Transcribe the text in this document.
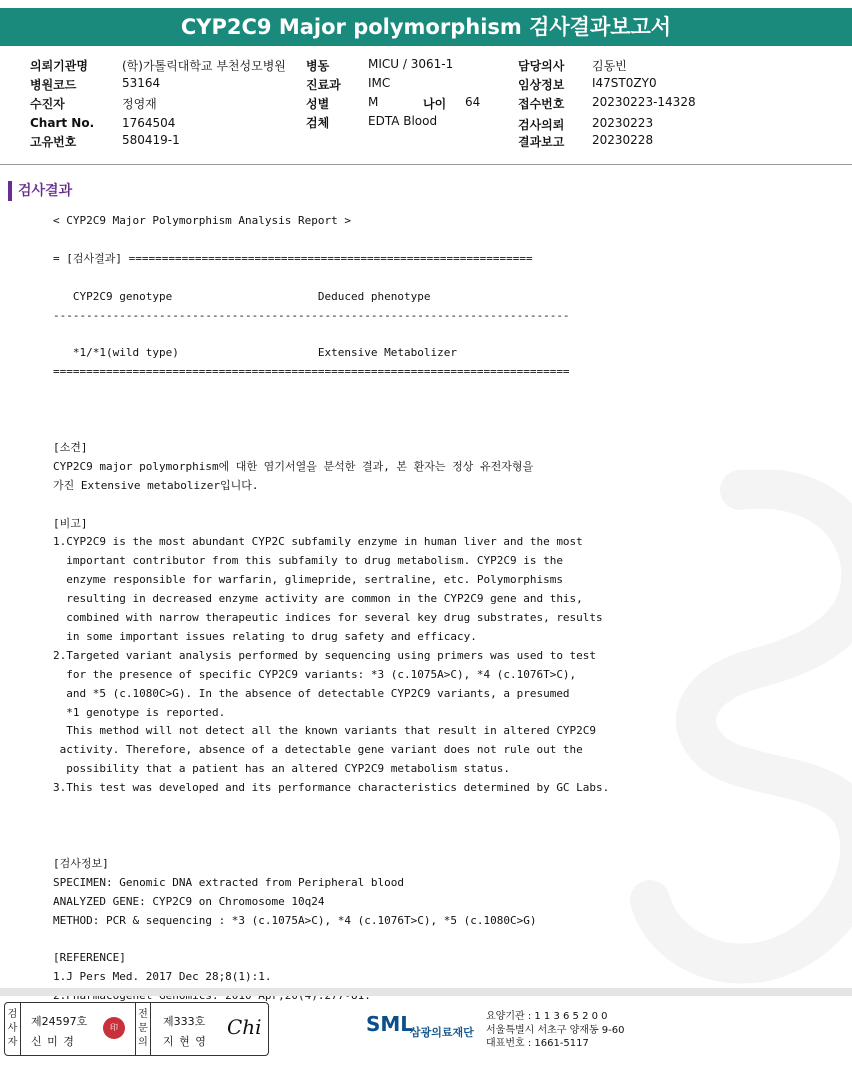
CYP2C9 Major polymorphism 검사결과보고서
의뢰기관명	(학)가톨릭대학교 부천성모병원
병원코드	53164
수진자	정영재
Chart No. 1764504
고유번호	580419-1
병동	MICU / 3061-1
진료과 IMC
성별	M	나이 64
검체	EDTA Blood
담당의사 김동빈
임상정보 I47ST0ZY0
접수번호 20230223-14328
검사의뢰 20230223
결과보고 20230228
검사결과
< CYP2C9 Major Polymorphism Analysis Report >

= [검사결과] =============================================================

CYP2C9 genotype                      Deduced phenotype
------------------------------------------------------------------------------

*1/*1(wild type)                     Extensive Metabolizer
==============================================================================

[소견]
CYP2C9 major polymorphism에 대한 염기서열을 분석한 결과, 본 환자는 정상 유전자형을
가진 Extensive metabolizer입니다.

[비고]
1.CYP2C9 is the most abundant CYP2C subfamily enzyme in human liver and the most
important contributor from this subfamily to drug metabolism. CYP2C9 is the
enzyme responsible for warfarin, glimepride, sertraline, etc. Polymorphisms
resulting in decreased enzyme activity are common in the CYP2C9 gene and this,
combined with narrow therapeutic indices for several key drug substrates, results
in some important issues relating to drug safety and efficacy.
2.Targeted variant analysis performed by sequencing using primers was used to test
for the presence of specific CYP2C9 variants: *3 (c.1075A>C), *4 (c.1076T>C),
and *5 (c.1080C>G). In the absence of detectable CYP2C9 variants, a presumed
*1 genotype is reported.
This method will not detect all the known variants that result in altered CYP2C9
activity. Therefore, absence of a detectable gene variant does not rule out the
possibility that a patient has an altered CYP2C9 metabolism status.
3.This test was developed and its performance characteristics determined by GC Labs.

[검사정보]
SPECIMEN: Genomic DNA extracted from Peripheral blood
ANALYZED GENE: CYP2C9 on Chromosome 10q24
METHOD: PCR & sequencing : *3 (c.1075A>C), *4 (c.1076T>C), *5 (c.1080C>G)

[REFERENCE]
1.J Pers Med. 2017 Dec 28;8(1):1.

검사자
제24597호
신 미 경
印
전문의
제333호
지 현 영
Chi	SML
삼광의료재단
요양기관 : 1 1 3 6 5 2 0 0
서울특별시 서초구 양재동 9-60
대표번호 : 1661-5117
